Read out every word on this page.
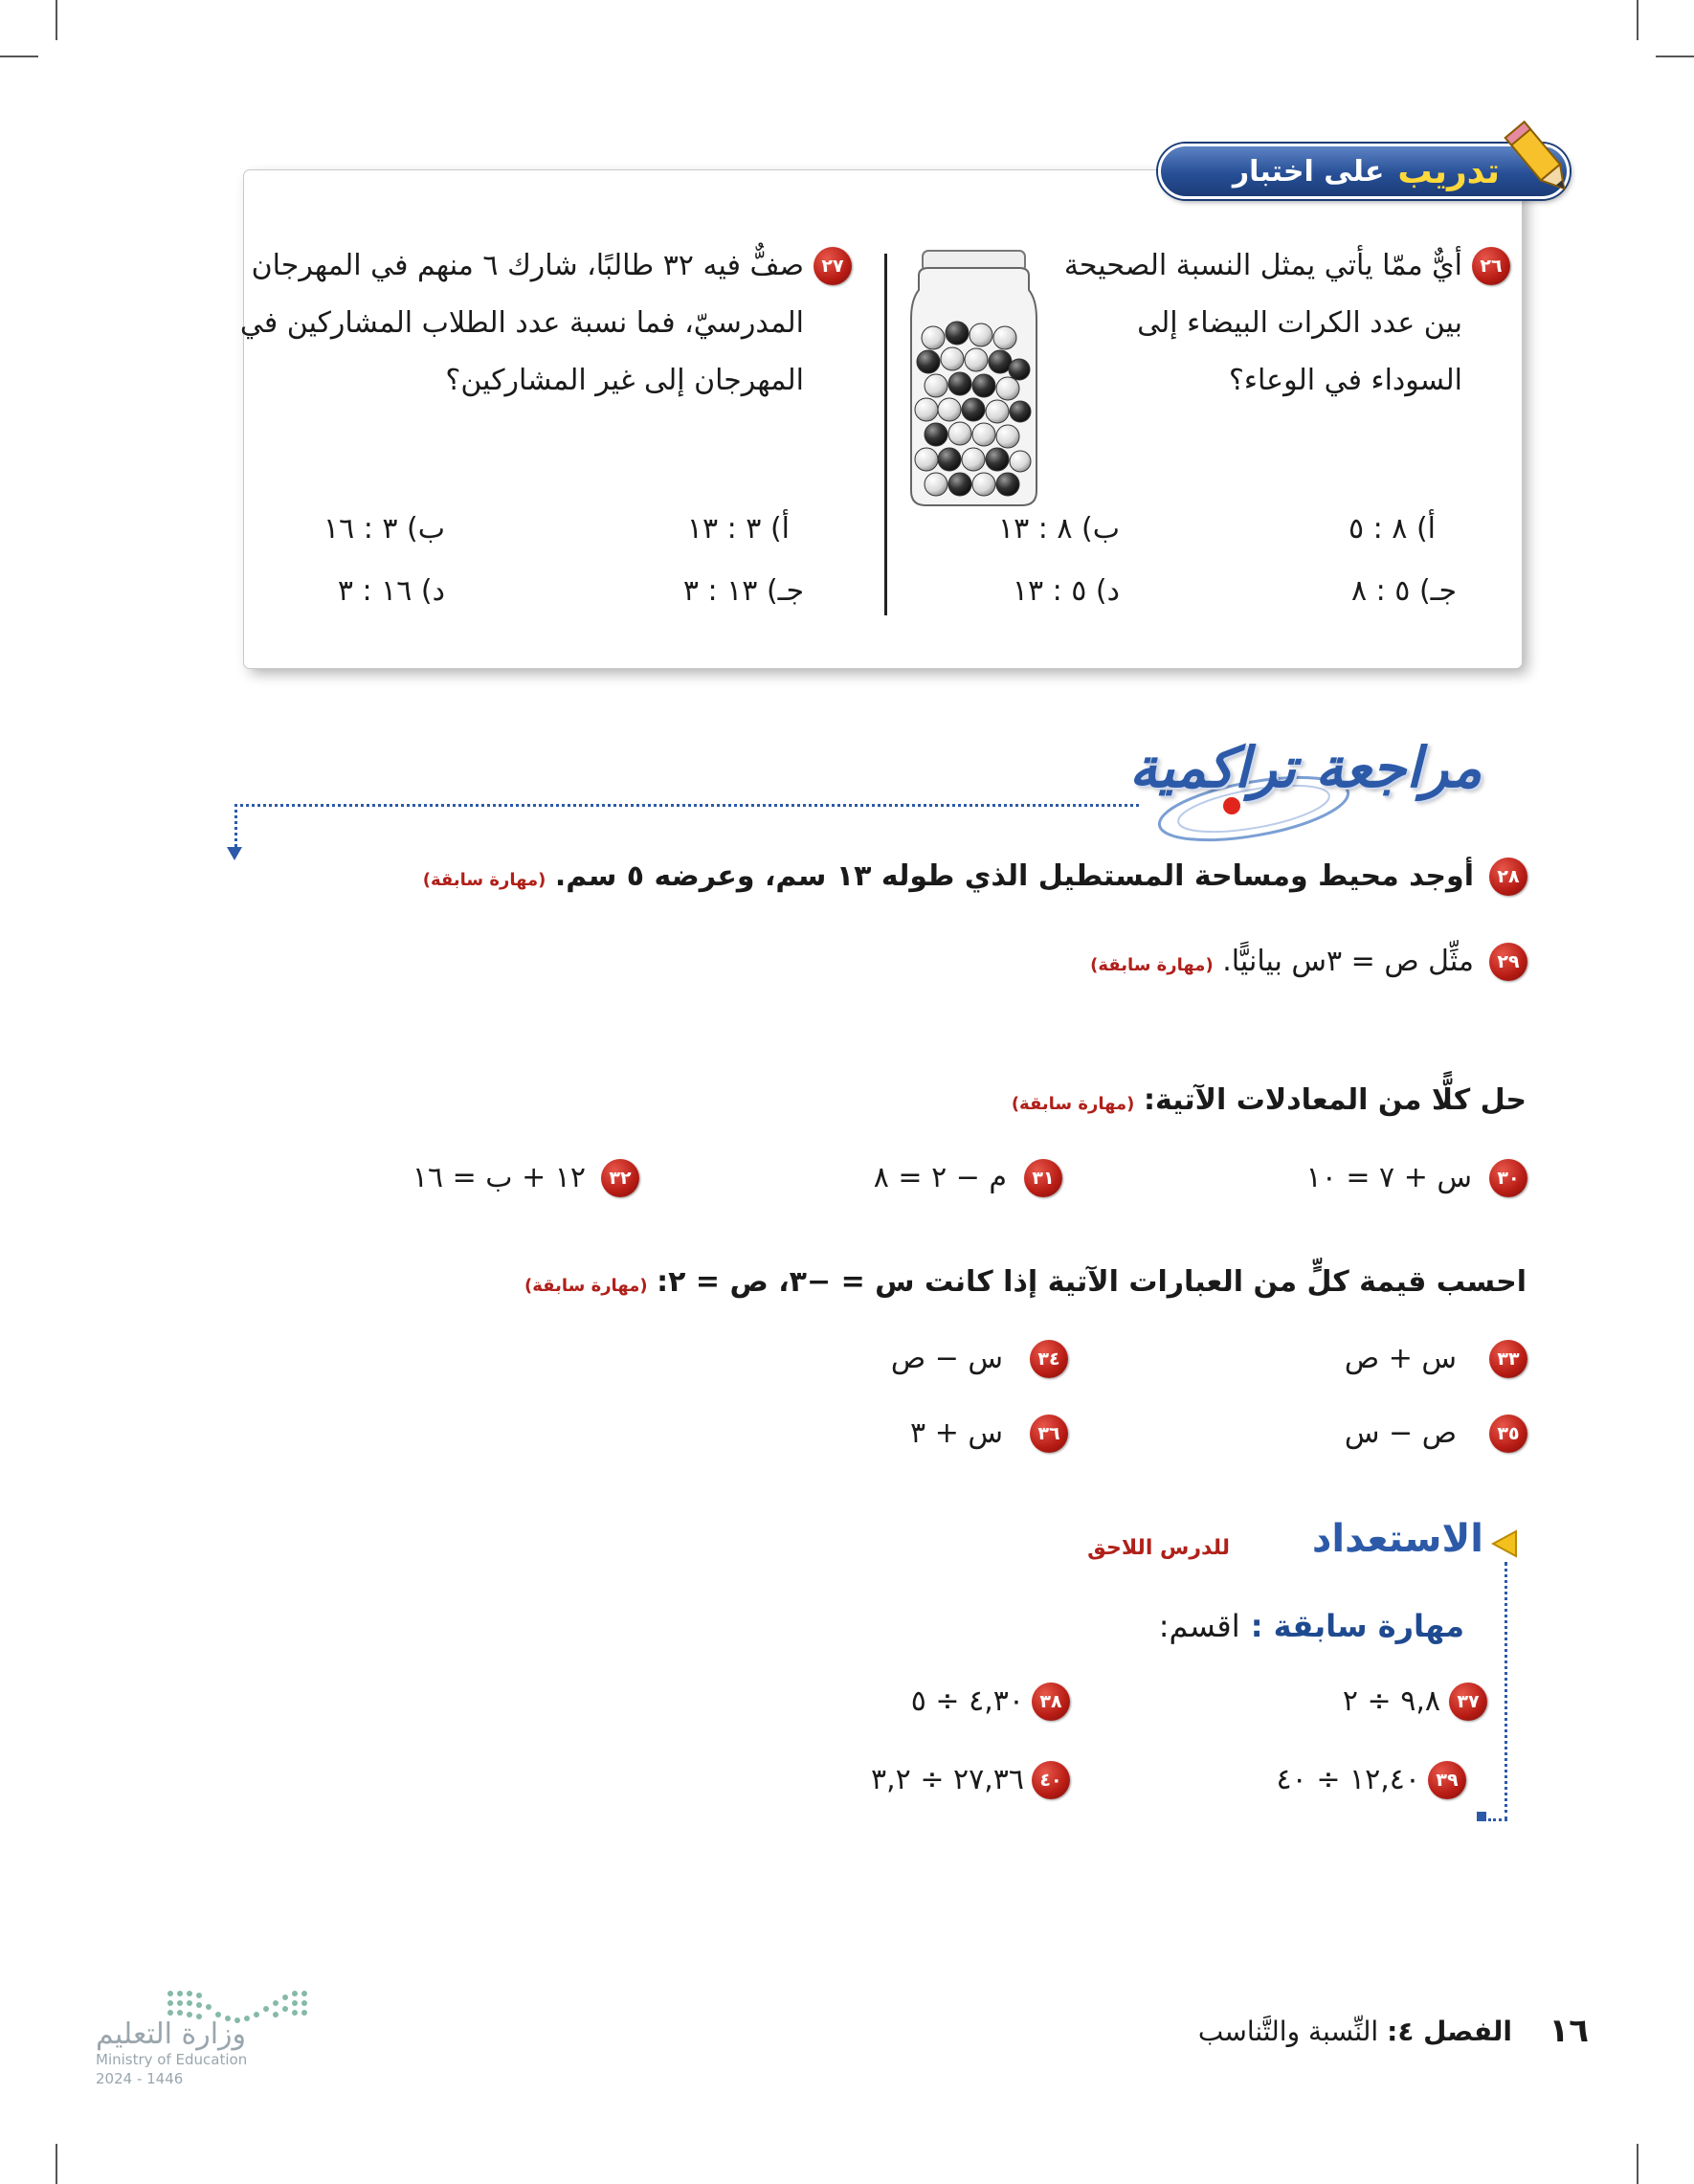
تدريب
على اختبار
٢٦
أيٌّ ممّا يأتي يمثل النسبة الصحيحة
بين عدد الكرات البيضاء إلى
السوداء في الوعاء؟
أ) ٨ : ٥
ب) ٨ : ١٣
جـ) ٥ : ٨
د) ٥ : ١٣
٢٧
صفٌّ فيه ٣٢ طالبًا، شارك ٦ منهم في المهرجان
المدرسيّ، فما نسبة عدد الطلاب المشاركين في
المهرجان إلى غير المشاركين؟
أ) ٣ : ١٣
ب) ٣ : ١٦
جـ) ١٣ : ٣
د) ١٦ : ٣
مراجعة تراكمية
٢٨
أوجد محيط ومساحة المستطيل الذي طوله ١٣ سم، وعرضه ٥ سم. (مهارة سابقة)
٢٩
مثِّل ص = ٣س بيانيًّا. (مهارة سابقة)
حل كلًّا من المعادلات الآتية: (مهارة سابقة)
٣٠
س + ٧ = ١٠
٣١
م − ٢ = ٨
٣٢
١٢ + ب = ١٦
احسب قيمة كلٍّ من العبارات الآتية إذا كانت س = −٣، ص = ٢: (مهارة سابقة)
٣٣
س + ص
٣٤
س − ص
٣٥
ص − س
٣٦
س + ٣
الاستعداد
للدرس اللاحق
مهارة سابقة : اقسم:
٣٧
٩,٨ ÷ ٢
٣٨
٤,٣٠ ÷ ٥
٣٩
١٢,٤٠ ÷ ٤٠
٤٠
٢٧,٣٦ ÷ ٣,٢
١٦
الفصل ٤: النِّسبة والتَّناسب
وزارة التعليم
Ministry of Education
2024 - 1446
